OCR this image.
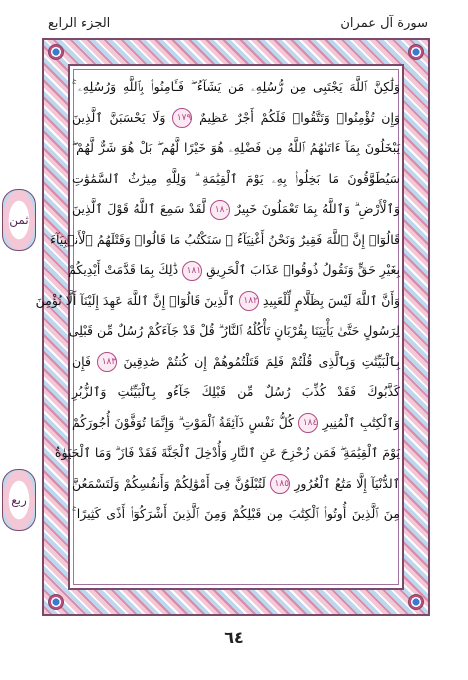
سورة آل عمران
الجزء الرابع
ثمن
ربع
وَلَٰكِنَّ ٱللَّهَ يَجْتَبِى مِن رُّسُلِهِۦ مَن يَشَآءُ ۖ فَـَٔامِنُوا۟ بِٱللَّهِ وَرُسُلِهِۦ ۚ
وَإِن تُؤْمِنُوا۟ وَتَتَّقُوا۟ فَلَكُمْ أَجْرٌ عَظِيمٌ ١٧٩ وَلَا يَحْسَبَنَّ ٱلَّذِينَ
يَبْخَلُونَ بِمَآ ءَاتَىٰهُمُ ٱللَّهُ مِن فَضْلِهِۦ هُوَ خَيْرًا لَّهُم ۖ بَلْ هُوَ شَرٌّ لَّهُمْ ۖ
سَيُطَوَّقُونَ مَا بَخِلُوا۟ بِهِۦ يَوْمَ ٱلْقِيَٰمَةِ ۗ وَلِلَّهِ مِيرَٰثُ ٱلسَّمَٰوَٰتِ
وَٱلْأَرْضِ ۗ وَٱللَّهُ بِمَا تَعْمَلُونَ خَبِيرٌ ١٨٠ لَّقَدْ سَمِعَ ٱللَّهُ قَوْلَ ٱلَّذِينَ
قَالُوٓا۟ إِنَّ ٱللَّهَ فَقِيرٌ وَنَحْنُ أَغْنِيَآءُ ۘ سَنَكْتُبُ مَا قَالُوا۟ وَقَتْلَهُمُ ٱلْأَنۢبِيَآءَ
بِغَيْرِ حَقٍّ وَنَقُولُ ذُوقُوا۟ عَذَابَ ٱلْحَرِيقِ ١٨١ ذَٰلِكَ بِمَا قَدَّمَتْ أَيْدِيكُمْ
وَأَنَّ ٱللَّهَ لَيْسَ بِظَلَّامٍ لِّلْعَبِيدِ ١٨٢ ٱلَّذِينَ قَالُوٓا۟ إِنَّ ٱللَّهَ عَهِدَ إِلَيْنَآ أَلَّا نُؤْمِنَ
لِرَسُولٍ حَتَّىٰ يَأْتِيَنَا بِقُرْبَانٍ تَأْكُلُهُ ٱلنَّارُ ۗ قُلْ قَدْ جَآءَكُمْ رُسُلٌ مِّن قَبْلِى
بِٱلْبَيِّنَٰتِ وَبِٱلَّذِى قُلْتُمْ فَلِمَ قَتَلْتُمُوهُمْ إِن كُنتُمْ صَٰدِقِينَ ١٨٣ فَإِن
كَذَّبُوكَ فَقَدْ كُذِّبَ رُسُلٌ مِّن قَبْلِكَ جَآءُو بِٱلْبَيِّنَٰتِ وَٱلزُّبُرِ
وَٱلْكِتَٰبِ ٱلْمُنِيرِ ١٨٤ كُلُّ نَفْسٍ ذَآئِقَةُ ٱلْمَوْتِ ۗ وَإِنَّمَا تُوَفَّوْنَ أُجُورَكُمْ
يَوْمَ ٱلْقِيَٰمَةِ ۖ فَمَن زُحْزِحَ عَنِ ٱلنَّارِ وَأُدْخِلَ ٱلْجَنَّةَ فَقَدْ فَازَ ۗ وَمَا ٱلْحَيَوٰةُ
ٱلدُّنْيَآ إِلَّا مَتَٰعُ ٱلْغُرُورِ ١٨٥ لَتُبْلَوُنَّ فِىٓ أَمْوَٰلِكُمْ وَأَنفُسِكُمْ وَلَتَسْمَعُنَّ
مِنَ ٱلَّذِينَ أُوتُوا۟ ٱلْكِتَٰبَ مِن قَبْلِكُمْ وَمِنَ ٱلَّذِينَ أَشْرَكُوٓا۟ أَذًى كَثِيرًا ۚ
٦٤
